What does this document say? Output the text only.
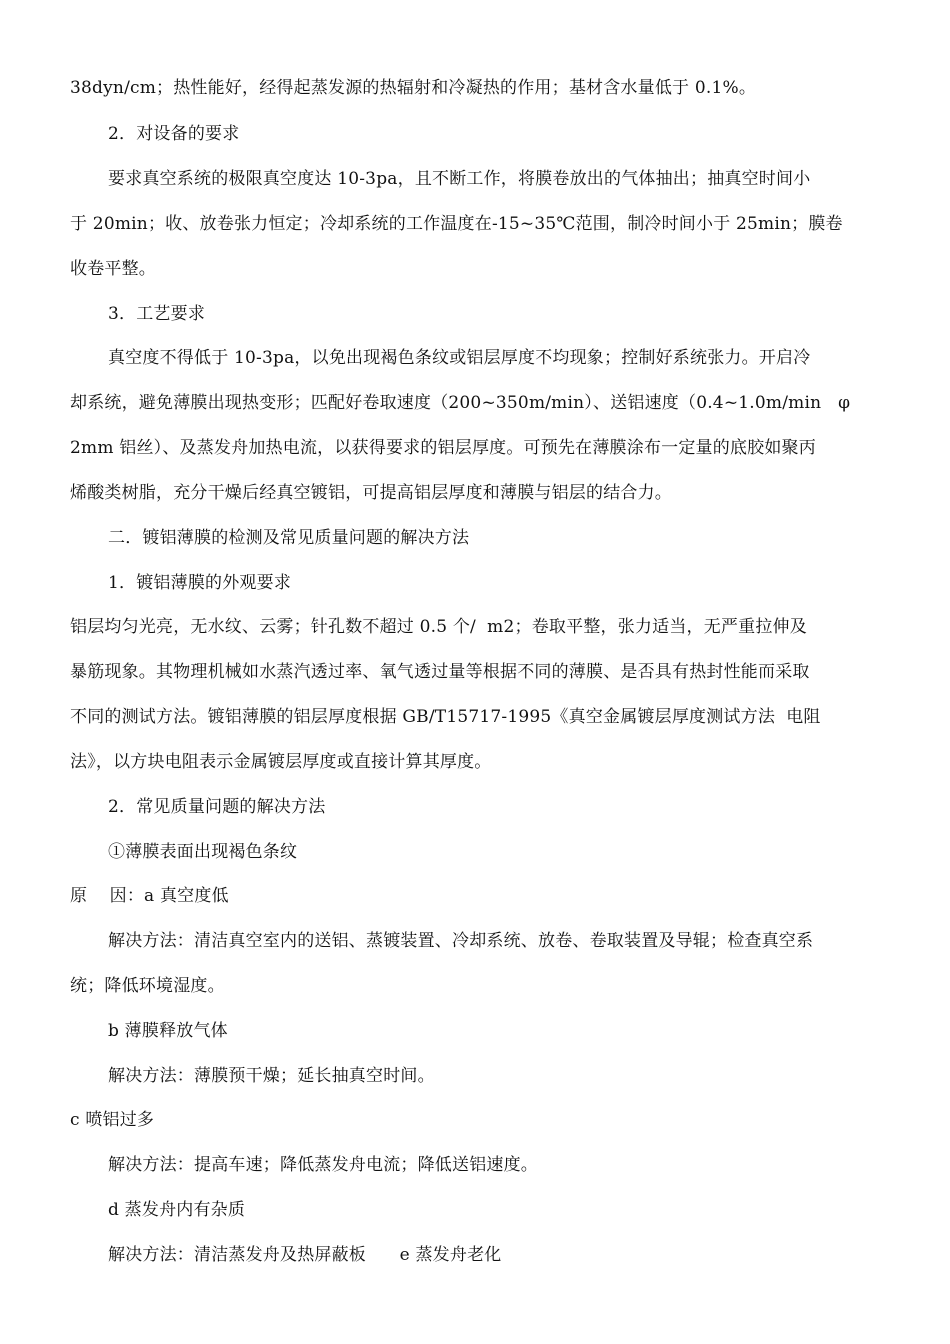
38dyn/cm；热性能好，经得起蒸发源的热辐射和冷凝热的作用；基材含水量低于 0.1%。
2．对设备的要求
要求真空系统的极限真空度达 10-3pa，且不断工作，将膜卷放出的气体抽出；抽真空时间小
于 20min；收、放卷张力恒定；冷却系统的工作温度在-15~35℃范围，制冷时间小于 25min；膜卷
收卷平整。
3．工艺要求
真空度不得低于 10-3pa，以免出现褐色条纹或铝层厚度不均现象；控制好系统张力。开启冷
却系统，避免薄膜出现热变形；匹配好卷取速度（200~350m/min）、送铝速度（0.4~1.0m/min   φ
2mm 铝丝）、及蒸发舟加热电流，以获得要求的铝层厚度。可预先在薄膜涂布一定量的底胶如聚丙
烯酸类树脂，充分干燥后经真空镀铝，可提高铝层厚度和薄膜与铝层的结合力。
二．镀铝薄膜的检测及常见质量问题的解决方法
1．镀铝薄膜的外观要求
铝层均匀光亮，无水纹、云雾；针孔数不超过 0.5 个/  m2；卷取平整，张力适当，无严重拉伸及
暴筋现象。其物理机械如水蒸汽透过率、氧气透过量等根据不同的薄膜、是否具有热封性能而采取
不同的测试方法。镀铝薄膜的铝层厚度根据 GB/T15717-1995《真空金属镀层厚度测试方法  电阻
法》，以方块电阻表示金属镀层厚度或直接计算其厚度。
2．常见质量问题的解决方法
①薄膜表面出现褐色条纹
原    因：a 真空度低
解决方法：清洁真空室内的送铝、蒸镀装置、冷却系统、放卷、卷取装置及导辊；检查真空系
统；降低环境湿度。
b 薄膜释放气体
解决方法：薄膜预干燥；延长抽真空时间。
c 喷铝过多
解决方法：提高车速；降低蒸发舟电流；降低送铝速度。
d 蒸发舟内有杂质
解决方法：清洁蒸发舟及热屏蔽板      e 蒸发舟老化
